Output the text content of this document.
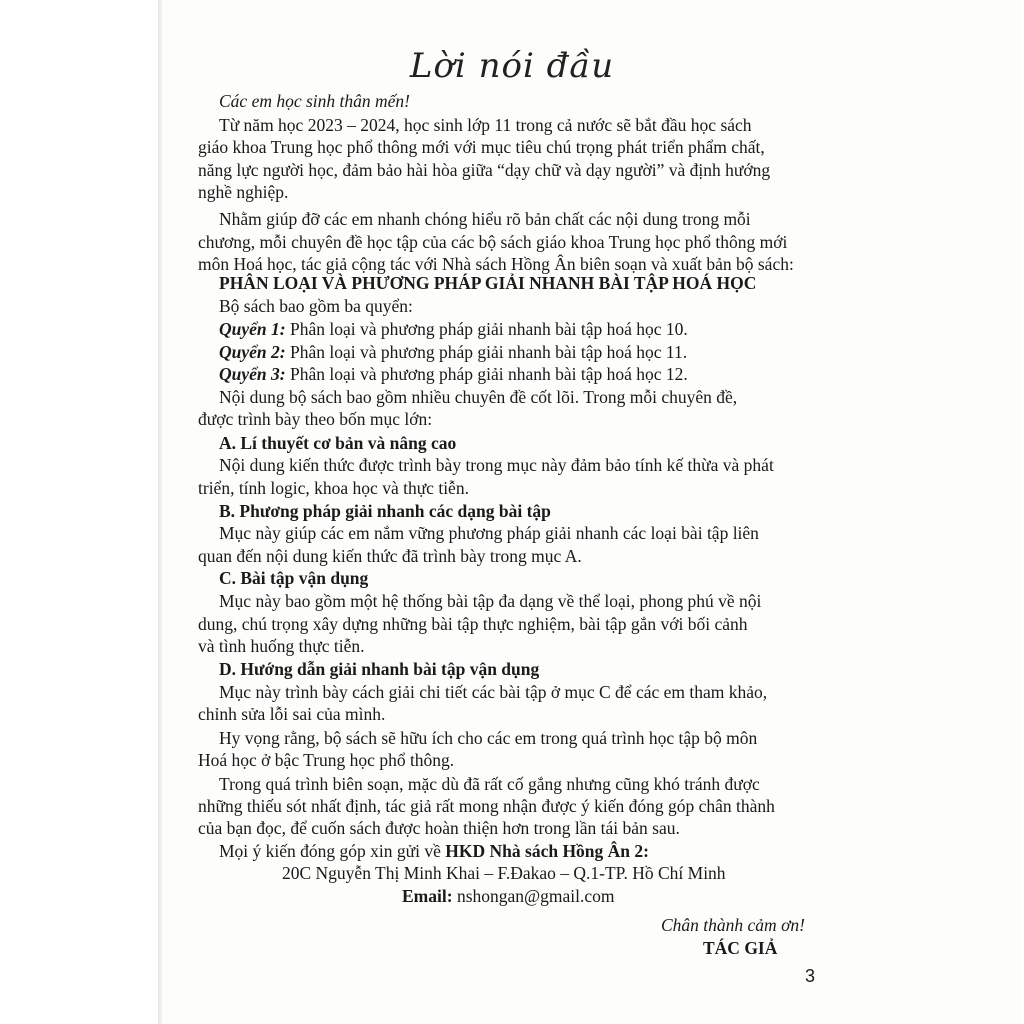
Lời nói đầu
Các em học sinh thân mến!
Từ năm học 2023 – 2024, học sinh lớp 11 trong cả nước sẽ bắt đầu học sách
giáo khoa Trung học phổ thông mới với mục tiêu chú trọng phát triển phẩm chất,
năng lực người học, đảm bảo hài hòa giữa “dạy chữ và dạy người” và định hướng
nghề nghiệp.
Nhằm giúp đỡ các em nhanh chóng hiểu rõ bản chất các nội dung trong mỗi
chương, mỗi chuyên đề học tập của các bộ sách giáo khoa Trung học phổ thông mới
môn Hoá học, tác giả cộng tác với Nhà sách Hồng Ân biên soạn và xuất bản bộ sách:
PHÂN LOẠI VÀ PHƯƠNG PHÁP GIẢI NHANH BÀI TẬP HOÁ HỌC
Bộ sách bao gồm ba quyển:
Quyển 1: Phân loại và phương pháp giải nhanh bài tập hoá học 10.
Quyển 2: Phân loại và phương pháp giải nhanh bài tập hoá học 11.
Quyển 3: Phân loại và phương pháp giải nhanh bài tập hoá học 12.
Nội dung bộ sách bao gồm nhiều chuyên đề cốt lõi. Trong mỗi chuyên đề,
được trình bày theo bốn mục lớn:
A. Lí thuyết cơ bản và nâng cao
Nội dung kiến thức được trình bày trong mục này đảm bảo tính kế thừa và phát
triển, tính logic, khoa học và thực tiễn.
B. Phương pháp giải nhanh các dạng bài tập
Mục này giúp các em nắm vững phương pháp giải nhanh các loại bài tập liên
quan đến nội dung kiến thức đã trình bày trong mục A.
C. Bài tập vận dụng
Mục này bao gồm một hệ thống bài tập đa dạng về thể loại, phong phú về nội
dung, chú trọng xây dựng những bài tập thực nghiệm, bài tập gắn với bối cảnh
và tình huống thực tiễn.
D. Hướng dẫn giải nhanh bài tập vận dụng
Mục này trình bày cách giải chi tiết các bài tập ở mục C để các em tham khảo,
chỉnh sửa lỗi sai của mình.
Hy vọng rằng, bộ sách sẽ hữu ích cho các em trong quá trình học tập bộ môn
Hoá học ở bậc Trung học phổ thông.
Trong quá trình biên soạn, mặc dù đã rất cố gắng nhưng cũng khó tránh được
những thiếu sót nhất định, tác giả rất mong nhận được ý kiến đóng góp chân thành
của bạn đọc, để cuốn sách được hoàn thiện hơn trong lần tái bản sau.
Mọi ý kiến đóng góp xin gửi về HKD Nhà sách Hồng Ân 2:
20C Nguyễn Thị Minh Khai – F.Đakao – Q.1-TP. Hồ Chí Minh
Email: nshongan@gmail.com
Chân thành cảm ơn!
TÁC GIẢ
3
